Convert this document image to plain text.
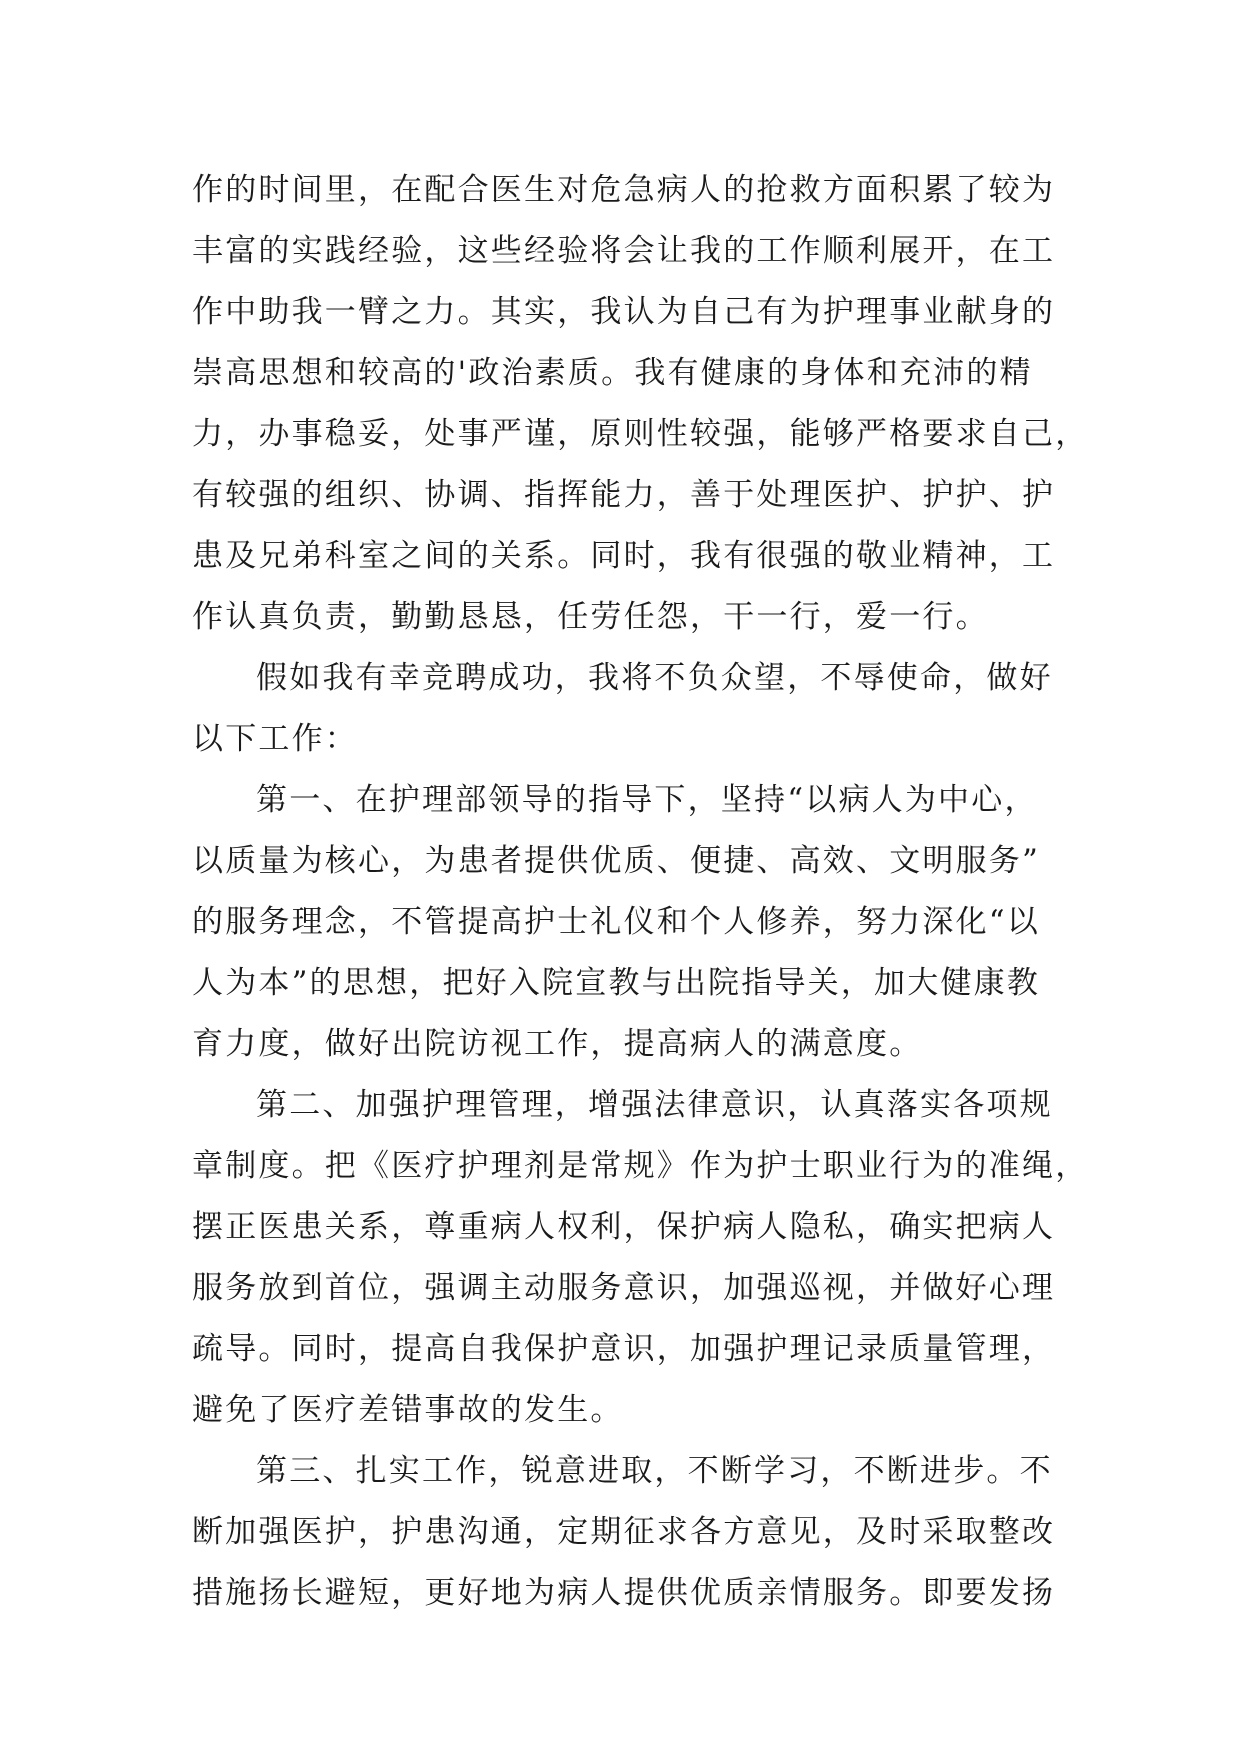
作的时间里，在配合医生对危急病人的抢救方面积累了较为
丰富的实践经验，这些经验将会让我的工作顺利展开，在工
作中助我一臂之力。其实，我认为自己有为护理事业献身的
崇高思想和较高的'政治素质。我有健康的身体和充沛的精
力，办事稳妥，处事严谨，原则性较强，能够严格要求自己，
有较强的组织、协调、指挥能力，善于处理医护、护护、护
患及兄弟科室之间的关系。同时，我有很强的敬业精神，工
作认真负责，勤勤恳恳，任劳任怨，干一行，爱一行。
假如我有幸竞聘成功，我将不负众望，不辱使命，做好
以下工作：
第一、在护理部领导的指导下，坚持“以病人为中心，
以质量为核心，为患者提供优质、便捷、高效、文明服务”
的服务理念，不管提高护士礼仪和个人修养，努力深化“以
人为本”的思想，把好入院宣教与出院指导关，加大健康教
育力度，做好出院访视工作，提高病人的满意度。
第二、加强护理管理，增强法律意识，认真落实各项规
章制度。把《医疗护理剂是常规》作为护士职业行为的准绳，
摆正医患关系，尊重病人权利，保护病人隐私，确实把病人
服务放到首位，强调主动服务意识，加强巡视，并做好心理
疏导。同时，提高自我保护意识，加强护理记录质量管理，
避免了医疗差错事故的发生。
第三、扎实工作，锐意进取，不断学习，不断进步。不
断加强医护，护患沟通，定期征求各方意见，及时采取整改
措施扬长避短，更好地为病人提供优质亲情服务。即要发扬
